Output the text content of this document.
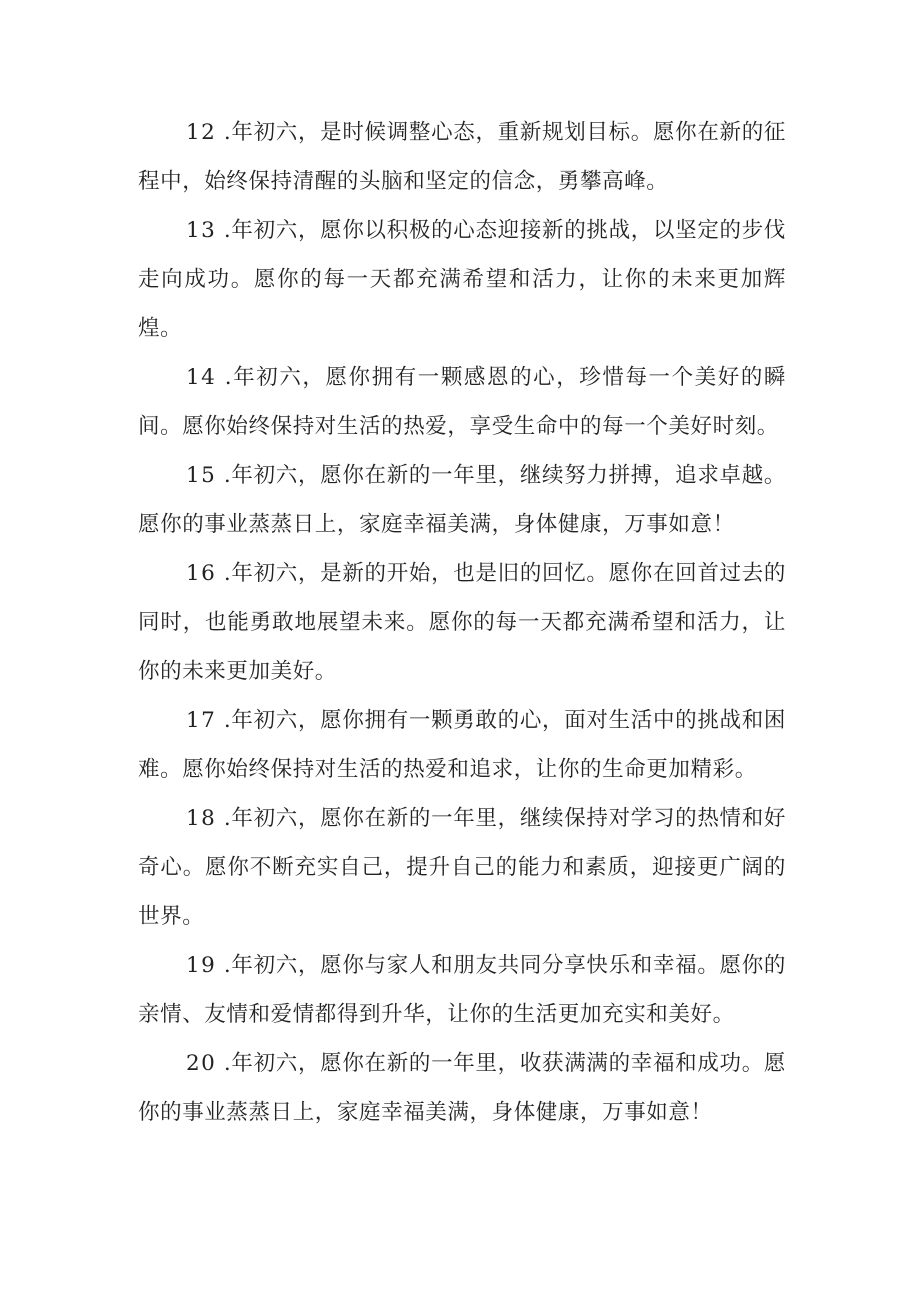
12 .年初六，是时候调整心态，重新规划目标。愿你在新的征程中，始终保持清醒的头脑和坚定的信念，勇攀高峰。

13 .年初六，愿你以积极的心态迎接新的挑战，以坚定的步伐走向成功。愿你的每一天都充满希望和活力，让你的未来更加辉煌。

14 .年初六，愿你拥有一颗感恩的心，珍惜每一个美好的瞬间。愿你始终保持对生活的热爱，享受生命中的每一个美好时刻。

15 .年初六，愿你在新的一年里，继续努力拼搏，追求卓越。愿你的事业蒸蒸日上，家庭幸福美满，身体健康，万事如意！

16 .年初六，是新的开始，也是旧的回忆。愿你在回首过去的同时，也能勇敢地展望未来。愿你的每一天都充满希望和活力，让你的未来更加美好。

17 .年初六，愿你拥有一颗勇敢的心，面对生活中的挑战和困难。愿你始终保持对生活的热爱和追求，让你的生命更加精彩。

18 .年初六，愿你在新的一年里，继续保持对学习的热情和好奇心。愿你不断充实自己，提升自己的能力和素质，迎接更广阔的世界。

19 .年初六，愿你与家人和朋友共同分享快乐和幸福。愿你的亲情、友情和爱情都得到升华，让你的生活更加充实和美好。

20 .年初六，愿你在新的一年里，收获满满的幸福和成功。愿你的事业蒸蒸日上，家庭幸福美满，身体健康，万事如意！
